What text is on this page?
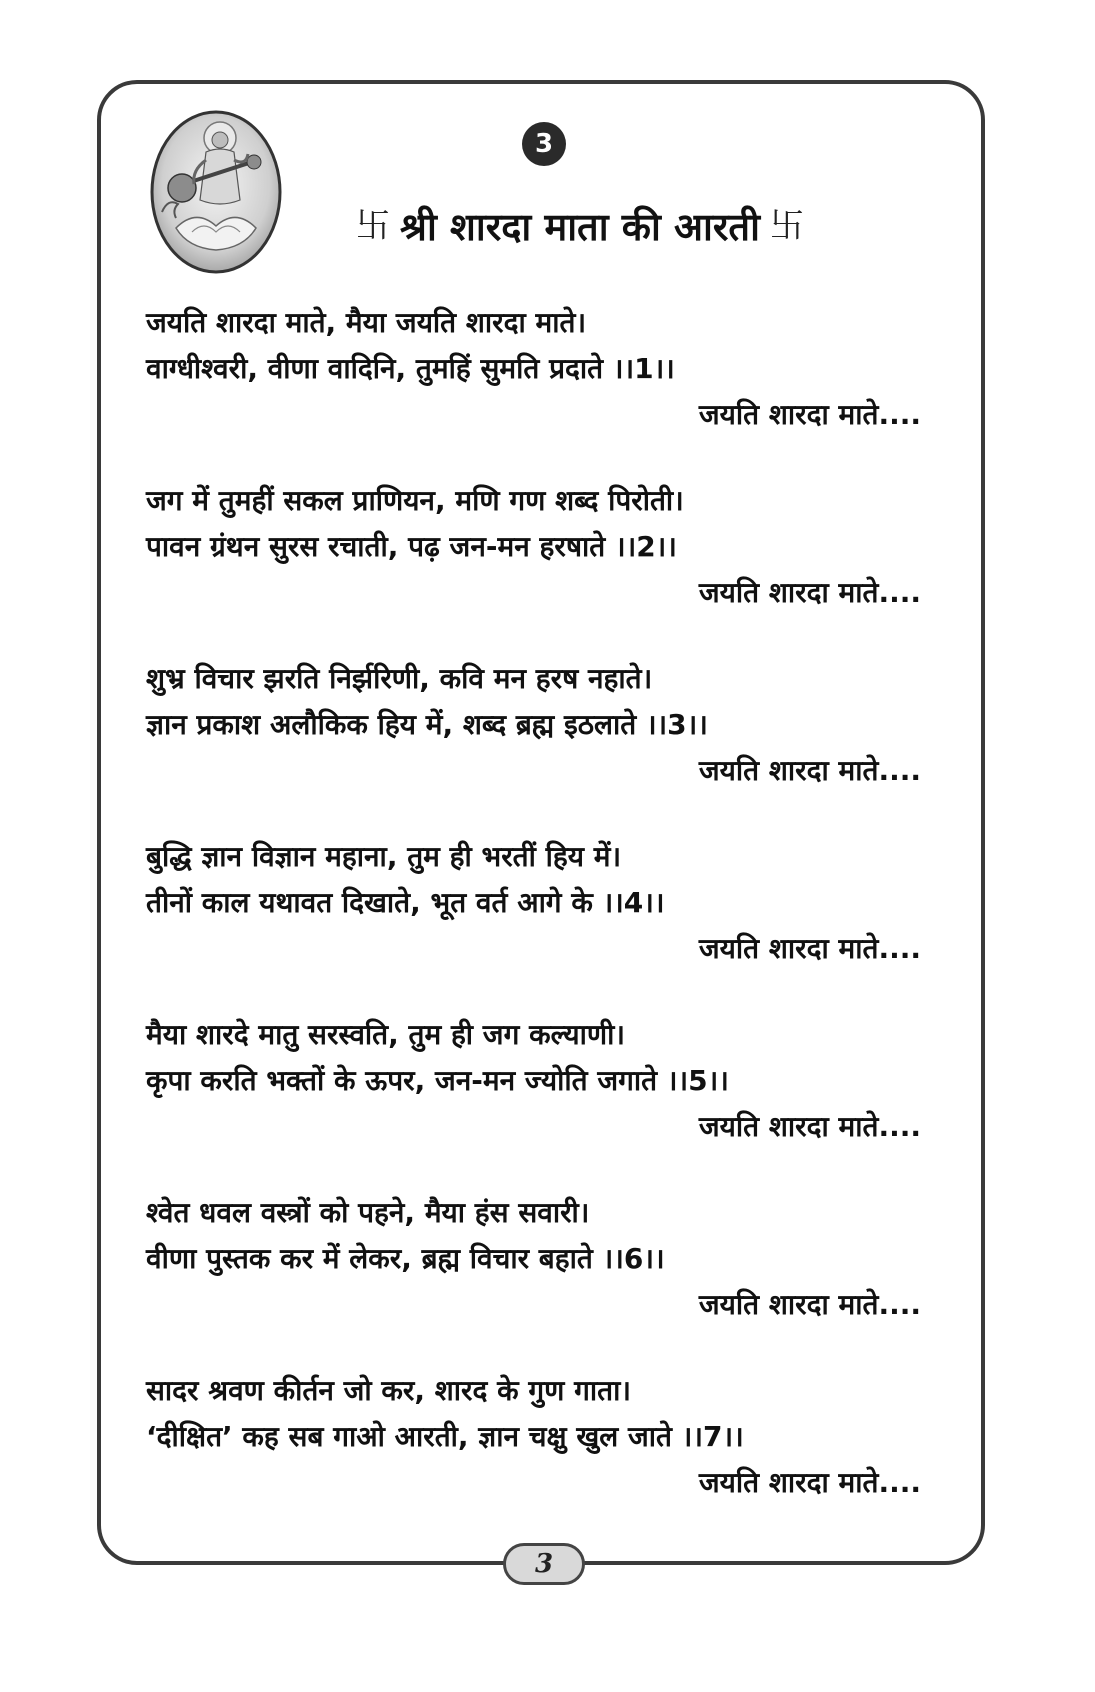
3
卐 श्री शारदा माता की आरती 卐
जयति शारदा माते, मैया जयति शारदा माते।
वाग्धीश्वरी, वीणा वादिनि, तुमहिं सुमति प्रदाते ।।1।।
जयति शारदा माते....
जग में तुमहीं सकल प्राणियन, मणि गण शब्द पिरोती।
पावन ग्रंथन सुरस रचाती, पढ़ जन-मन हरषाते ।।2।।
जयति शारदा माते....
शुभ्र विचार झरति निर्झरिणी, कवि मन हरष नहाते।
ज्ञान प्रकाश अलौकिक हिय में, शब्द ब्रह्म इठलाते ।।3।।
जयति शारदा माते....
बुद्धि ज्ञान विज्ञान महाना, तुम ही भरतीं हिय में।
तीनों काल यथावत दिखाते, भूत वर्त आगे के ।।4।।
जयति शारदा माते....
मैया शारदे मातु सरस्वति, तुम ही जग कल्याणी।
कृपा करति भक्तों के ऊपर, जन-मन ज्योति जगाते ।।5।।
जयति शारदा माते....
श्वेत धवल वस्त्रों को पहने, मैया हंस सवारी।
वीणा पुस्तक कर में लेकर, ब्रह्म विचार बहाते ।।6।।
जयति शारदा माते....
सादर श्रवण कीर्तन जो कर, शारद के गुण गाता।
‘दीक्षित’ कह सब गाओ आरती, ज्ञान चक्षु खुल जाते ।।7।।
जयति शारदा माते....
3
